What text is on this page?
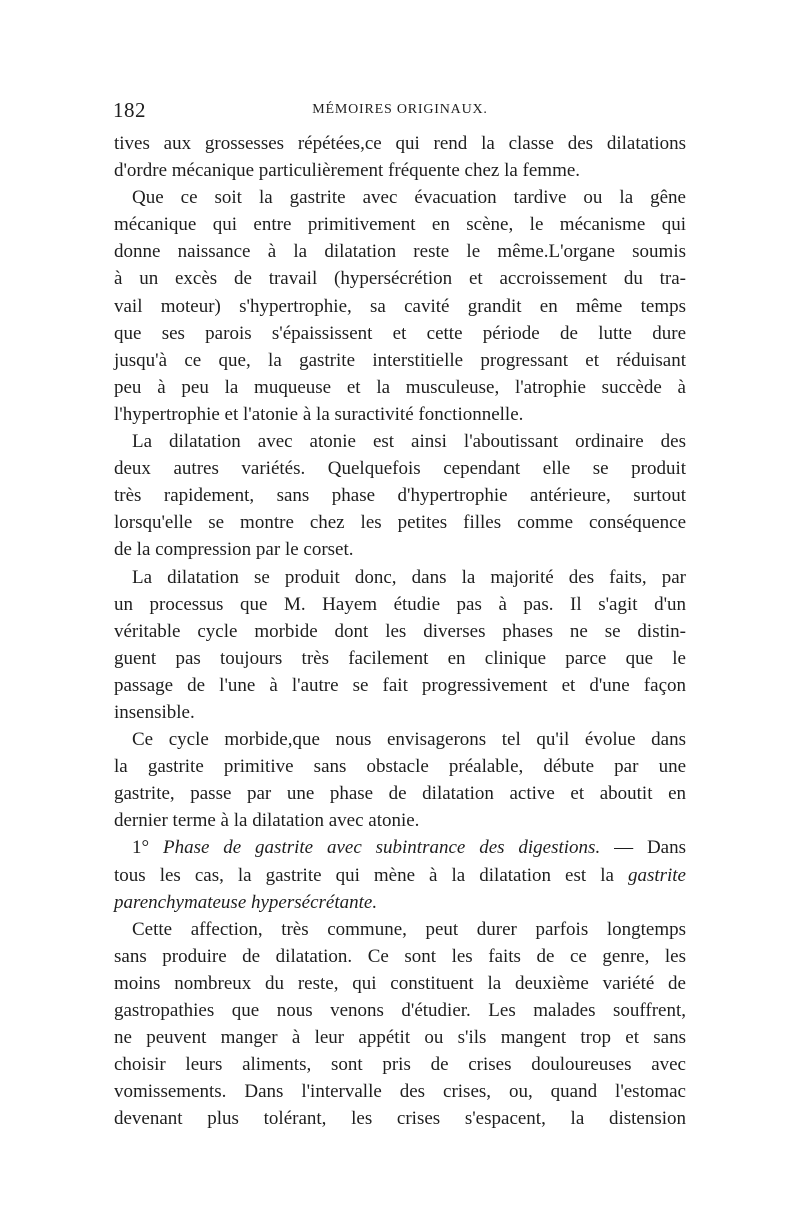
182	MÉMOIRES ORIGINAUX.
tives aux grossesses répétées,ce qui rend la classe des dilatations
d'ordre mécanique particulièrement fréquente chez la femme.
Que ce soit la gastrite avec évacuation tardive ou la gêne
mécanique qui entre primitivement en scène, le mécanisme qui
donne naissance à la dilatation reste le même.L'organe soumis
à un excès de travail (hypersécrétion et accroissement du tra-
vail moteur) s'hypertrophie, sa cavité grandit en même temps
que ses parois s'épaississent et cette période de lutte dure
jusqu'à ce que, la gastrite interstitielle progressant et réduisant
peu à peu la muqueuse et la musculeuse, l'atrophie succède à
l'hypertrophie et l'atonie à la suractivité fonctionnelle.
La dilatation avec atonie est ainsi l'aboutissant ordinaire des
deux autres variétés. Quelquefois cependant elle se produit
très rapidement, sans phase d'hypertrophie antérieure, surtout
lorsqu'elle se montre chez les petites filles comme conséquence
de la compression par le corset.
La dilatation se produit donc, dans la majorité des faits, par
un processus que M. Hayem étudie pas à pas. Il s'agit d'un
véritable cycle morbide dont les diverses phases ne se distin-
guent pas toujours très facilement en clinique parce que le
passage de l'une à l'autre se fait progressivement et d'une façon
insensible.
Ce cycle morbide,que nous envisagerons tel qu'il évolue dans
la gastrite primitive sans obstacle préalable, débute par une
gastrite, passe par une phase de dilatation active et aboutit en
dernier terme à la dilatation avec atonie.
1° Phase de gastrite avec subintrance des digestions. — Dans
tous les cas, la gastrite qui mène à la dilatation est la gastrite
parenchymateuse hypersécrétante.
Cette affection, très commune, peut durer parfois longtemps
sans produire de dilatation. Ce sont les faits de ce genre, les
moins nombreux du reste, qui constituent la deuxième variété de
gastropathies que nous venons d'étudier. Les malades souffrent,
ne peuvent manger à leur appétit ou s'ils mangent trop et sans
choisir leurs aliments, sont pris de crises douloureuses avec
vomissements. Dans l'intervalle des crises, ou, quand l'estomac
devenant plus tolérant, les crises s'espacent, la distension
